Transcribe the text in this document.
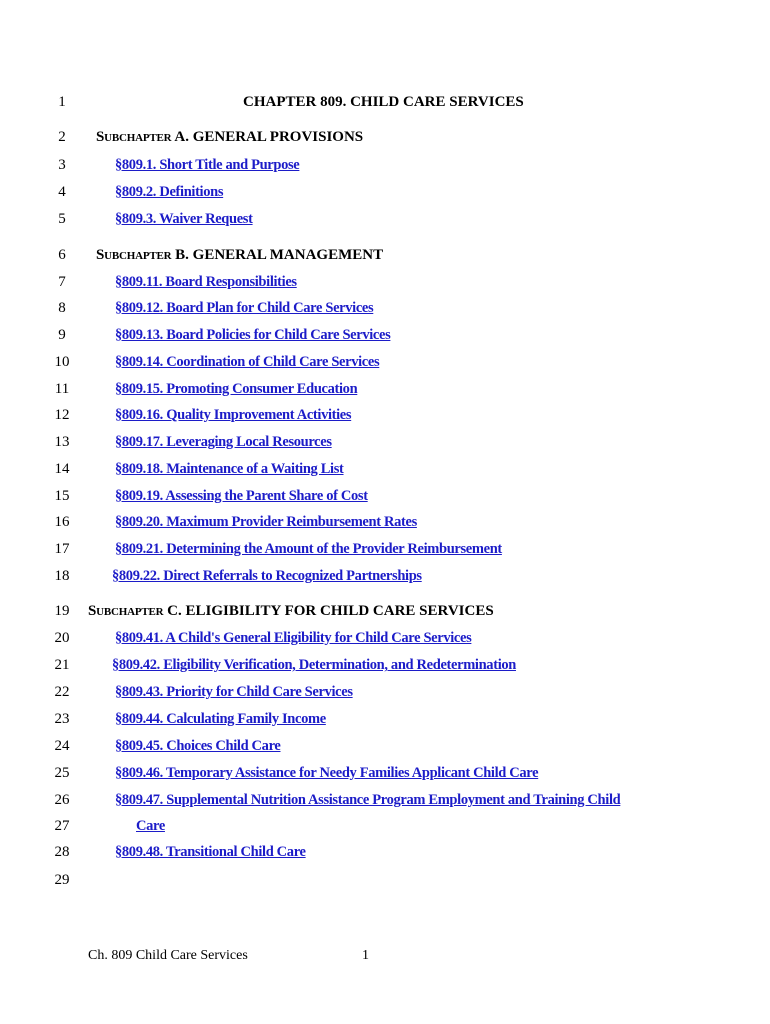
1	CHAPTER 809. CHILD CARE SERVICES
2	SUBCHAPTER A. GENERAL PROVISIONS
3	§809.1. Short Title and Purpose
4	§809.2. Definitions
5	§809.3. Waiver Request
6	SUBCHAPTER B. GENERAL MANAGEMENT
7	§809.11. Board Responsibilities
8	§809.12. Board Plan for Child Care Services
9	§809.13. Board Policies for Child Care Services
10	§809.14. Coordination of Child Care Services
11	§809.15. Promoting Consumer Education
12	§809.16. Quality Improvement Activities
13	§809.17. Leveraging Local Resources
14	§809.18. Maintenance of a Waiting List
15	§809.19. Assessing the Parent Share of Cost
16	§809.20. Maximum Provider Reimbursement Rates
17	§809.21. Determining the Amount of the Provider Reimbursement
18	§809.22. Direct Referrals to Recognized Partnerships
19 SUBCHAPTER C. ELIGIBILITY FOR CHILD CARE SERVICES
20	§809.41. A Child's General Eligibility for Child Care Services
21	§809.42. Eligibility Verification, Determination, and Redetermination
22	§809.43. Priority for Child Care Services
23	§809.44. Calculating Family Income
24	§809.45. Choices Child Care
25	§809.46. Temporary Assistance for Needy Families Applicant Child Care
26	§809.47. Supplemental Nutrition Assistance Program Employment and Training Child
27	Care
28	§809.48. Transitional Child Care
29
Ch. 809 Child Care Services	1
